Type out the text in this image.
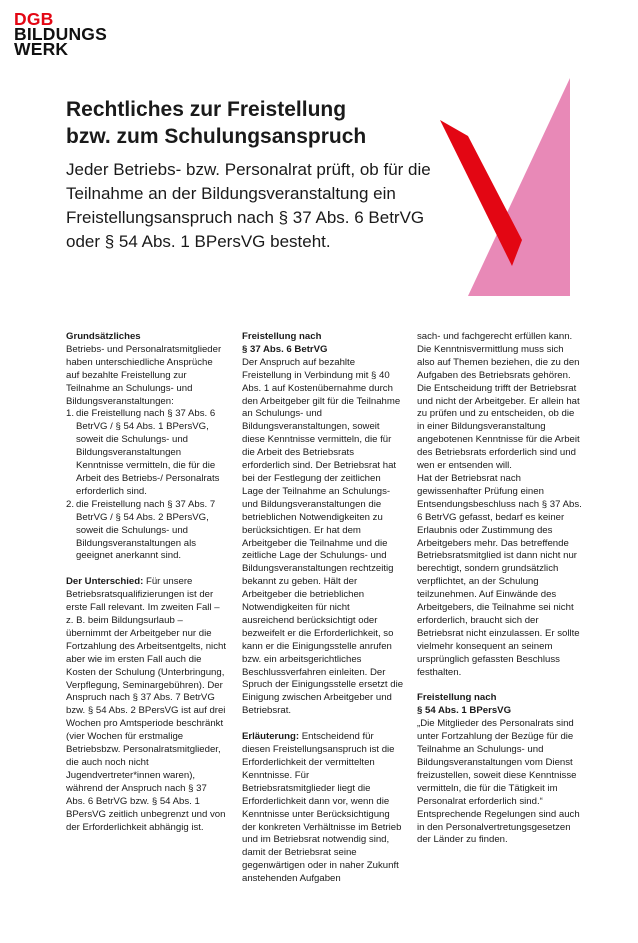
DGB
BILDUNGS
WERK
Rechtliches zur Freistellung
bzw. zum Schulungsanspruch
Jeder Betriebs- bzw. Personalrat prüft, ob für die Teilnahme an der Bildungsveranstaltung ein Freistellungsanspruch nach § 37 Abs. 6 BetrVG oder § 54 Abs. 1 BPersVG besteht.

Grundsätzliches

Betriebs- und Personalratsmitglieder haben unterschiedliche Ansprüche auf bezahlte Freistellung zur Teilnahme an Schulungs- und Bildungsveranstaltungen:

1. die Freistellung nach § 37 Abs. 6 BetrVG / § 54 Abs. 1 BPersVG, soweit die Schulungs- und Bildungsveranstaltungen Kenntnisse vermitteln, die für die Arbeit des Betriebs-/ Personalrats erforderlich sind.
2. die Freistellung nach § 37 Abs. 7 BetrVG / § 54 Abs. 2 BPersVG, soweit die Schulungs- und Bildungsveranstaltungen als geeignet anerkannt sind.

Der Unterschied: Für unsere Betriebsratsqualifizierungen ist der erste Fall relevant. Im zweiten Fall – z. B. beim Bildungsurlaub – übernimmt der Arbeitgeber nur die Fortzahlung des Arbeitsentgelts, nicht aber wie im ersten Fall auch die Kosten der Schulung (Unterbringung, Verpflegung, Seminargebühren). Der Anspruch nach § 37 Abs. 7 BetrVG bzw. § 54 Abs. 2 BPersVG ist auf drei Wochen pro Amtsperiode beschränkt (vier Wochen für erstmalige Betriebsbzw. Personalratsmitglieder, die auch noch nicht Jugendvertreter*innen waren), während der Anspruch nach § 37 Abs. 6 BetrVG bzw. § 54 Abs. 1 BPersVG zeitlich unbegrenzt und von der Erforderlichkeit abhängig ist.

Freistellung nach

§ 37 Abs. 6 BetrVG

Der Anspruch auf bezahlte Freistellung in Verbindung mit § 40 Abs. 1 auf Kostenübernahme durch den Arbeitgeber gilt für die Teilnahme an Schulungs- und Bildungsveranstaltungen, soweit diese Kenntnisse vermitteln, die für die Arbeit des Betriebsrats erforderlich sind. Der Betriebsrat hat bei der Festlegung der zeitlichen Lage der Teilnahme an Schulungs- und Bildungsveranstaltungen die betrieblichen Notwendigkeiten zu berücksichtigen. Er hat dem Arbeitgeber die Teilnahme und die zeitliche Lage der Schulungs- und Bildungsveranstaltungen rechtzeitig bekannt zu geben. Hält der Arbeitgeber die betrieblichen Notwendigkeiten für nicht ausreichend berücksichtigt oder bezweifelt er die Erforderlichkeit, so kann er die Einigungsstelle anrufen bzw. ein arbeitsgerichtliches Beschlussverfahren einleiten. Der Spruch der Einigungsstelle ersetzt die Einigung zwischen Arbeitgeber und Betriebsrat.

Erläuterung: Entscheidend für diesen Freistellungsanspruch ist die Erforderlichkeit der vermittelten Kenntnisse. Für Betriebsratsmitglieder liegt die Erforderlichkeit dann vor, wenn die Kenntnisse unter Berücksichtigung der konkreten Verhältnisse im Betrieb und im Betriebsrat notwendig sind, damit der Betriebsrat seine gegenwärtigen oder in naher Zukunft anstehenden Aufgaben

sach- und fachgerecht erfüllen kann. Die Kenntnisvermittlung muss sich also auf Themen beziehen, die zu den Aufgaben des Betriebsrats gehören. Die Entscheidung trifft der Betriebsrat und nicht der Arbeitgeber. Er allein hat zu prüfen und zu entscheiden, ob die in einer Bildungsveranstaltung angebotenen Kenntnisse für die Arbeit des Betriebsrats erforderlich sind und wen er entsenden will.

Hat der Betriebsrat nach gewissenhafter Prüfung einen Entsendungsbeschluss nach § 37 Abs. 6 BetrVG gefasst, bedarf es keiner Erlaubnis oder Zustimmung des Arbeitgebers mehr. Das betreffende Betriebsratsmitglied ist dann nicht nur berechtigt, sondern grundsätzlich verpflichtet, an der Schulung teilzunehmen. Auf Einwände des Arbeitgebers, die Teilnahme sei nicht erforderlich, braucht sich der Betriebsrat nicht einzulassen. Er sollte vielmehr konsequent an seinem ursprünglich gefassten Beschluss festhalten.

Freistellung nach

§ 54 Abs. 1 BPersVG

„Die Mitglieder des Personalrats sind unter Fortzahlung der Bezüge für die Teilnahme an Schulungs- und Bildungsveranstaltungen vom Dienst freizustellen, soweit diese Kenntnisse vermitteln, die für die Tätigkeit im Personalrat erforderlich sind.“

Entsprechende Regelungen sind auch in den Personalvertretungsgesetzen der Länder zu finden.
